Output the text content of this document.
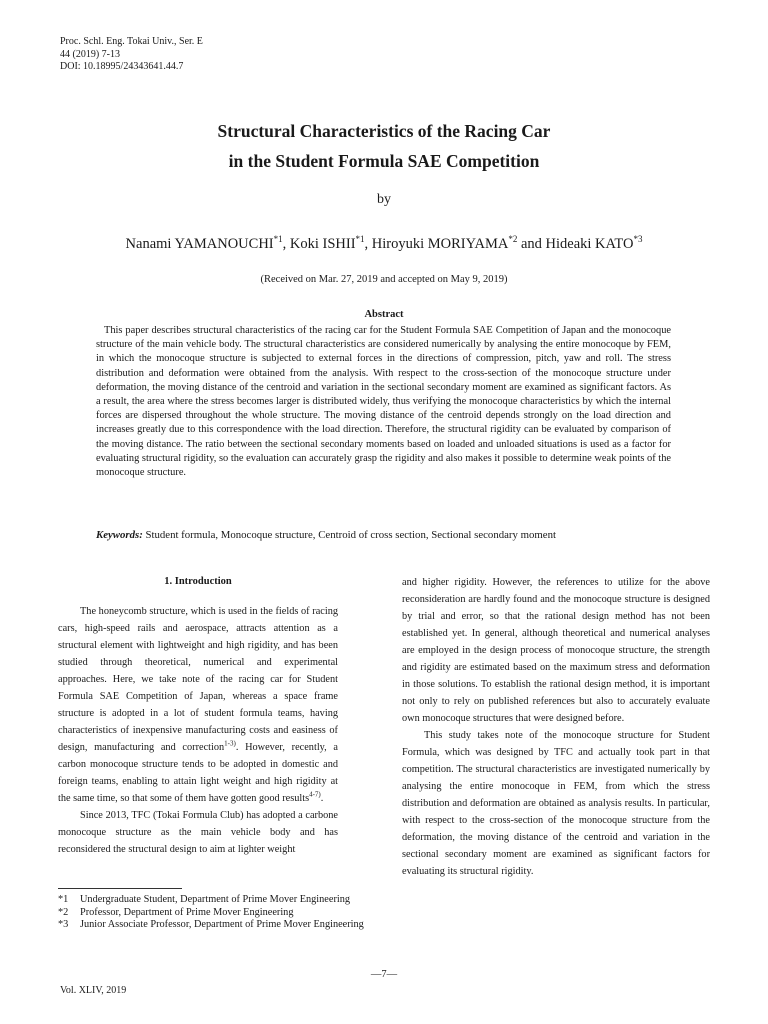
Proc. Schl. Eng. Tokai Univ., Ser. E
44 (2019) 7-13
DOI: 10.18995/24343641.44.7
Structural Characteristics of the Racing Car
in the Student Formula SAE Competition
by
Nanami YAMANOUCHI$^{*1}$, Koki ISHII$^{*1}$, Hiroyuki MORIYAMA$^{*2}$ and Hideaki KATO$^{*3}$
(Received on Mar. 27, 2019 and accepted on May 9, 2019)
Abstract

This paper describes structural characteristics of the racing car for the Student Formula SAE Competition of Japan and the monocoque structure of the main vehicle body. The structural characteristics are considered numerically by analysing the entire monocoque by FEM, in which the monocoque structure is subjected to external forces in the directions of compression, pitch, yaw and roll. The stress distribution and deformation were obtained from the analysis. With respect to the cross-section of the monocoque structure under deformation, the moving distance of the centroid and variation in the sectional secondary moment are examined as significant factors. As a result, the area where the stress becomes larger is distributed widely, thus verifying the monocoque characteristics by which the internal forces are dispersed throughout the whole structure. The moving distance of the centroid depends strongly on the load direction and increases greatly due to this correspondence with the load direction. Therefore, the structural rigidity can be evaluated by comparison of the moving distance. The ratio between the sectional secondary moments based on loaded and unloaded situations is used as a factor for evaluating structural rigidity, so the evaluation can accurately grasp the rigidity and also makes it possible to determine weak points of the monocoque structure.

Keywords: Student formula, Monocoque structure, Centroid of cross section, Sectional secondary moment
1. Introduction

The honeycomb structure, which is used in the fields of racing cars, high-speed rails and aerospace, attracts attention as a structural element with lightweight and high rigidity, and has been studied through theoretical, numerical and experimental approaches. Here, we take note of the racing car for Student Formula SAE Competition of Japan, whereas a space frame structure is adopted in a lot of student formula teams, having characteristics of inexpensive manufacturing costs and easiness of design, manufacturing and correction$^{1-3)}$. However, recently, a carbon monocoque structure tends to be adopted in domestic and foreign teams, enabling to attain light weight and high rigidity at the same time, so that some of them have gotten good results$^{4-7)}$.

Since 2013, TFC (Tokai Formula Club) has adopted a carbone monocoque structure as the main vehicle body and has reconsidered the structural design to aim at lighter weight

and higher rigidity. However, the references to utilize for the above reconsideration are hardly found and the monocoque structure is designed by trial and error, so that the rational design method has not been established yet. In general, although theoretical and numerical analyses are employed in the design process of monocoque structure, the strength and rigidity are estimated based on the maximum stress and deformation in those solutions. To establish the rational design method, it is important not only to rely on published references but also to accurately evaluate own monocoque structures that were designed before.

This study takes note of the monocoque structure for Student Formula, which was designed by TFC and actually took part in that competition. The structural characteristics are investigated numerically by analysing the entire monocoque in FEM, from which the stress distribution and deformation are obtained as analysis results. In particular, with respect to the cross-section of the monocoque structure from the deformation, the moving distance of the centroid and variation in the sectional secondary moment are examined as significant factors for evaluating its structural rigidity.

*1	Undergraduate Student, Department of Prime Mover Engineering
*2	Professor, Department of Prime Mover Engineering
*3	Junior Associate Professor, Department of Prime Mover Engineering
—7—
Vol. XLIV, 2019
